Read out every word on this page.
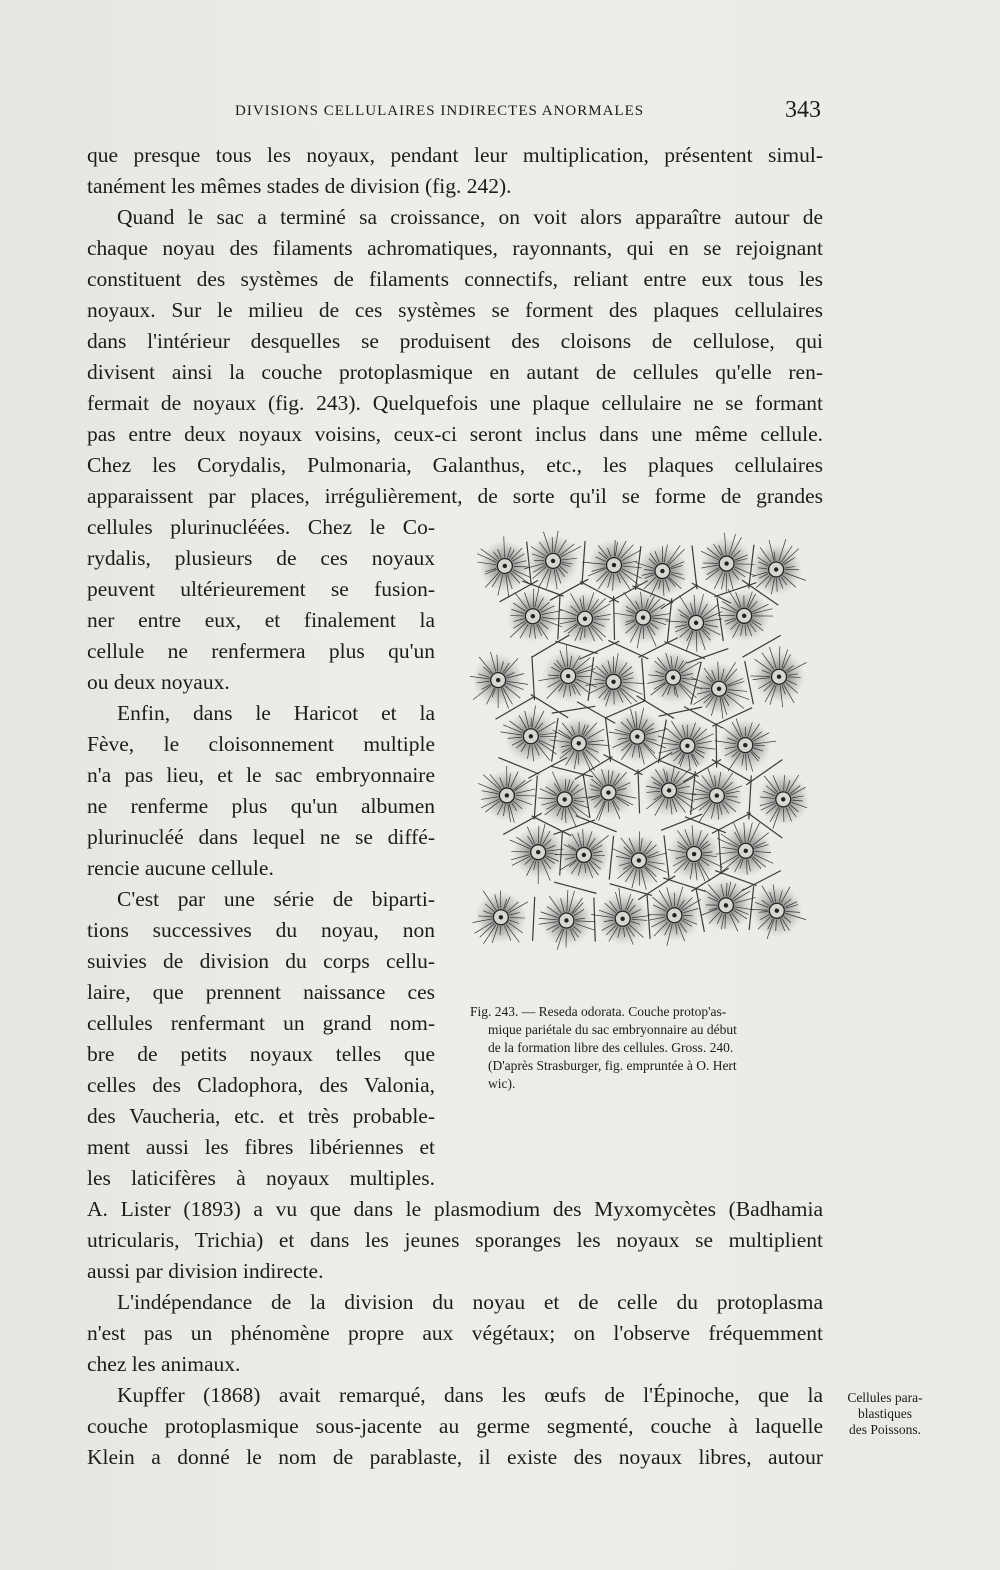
DIVISIONS CELLULAIRES INDIRECTES ANORMALES	343
que presque tous les noyaux, pendant leur multiplication, présentent simul-
tanément les mêmes stades de division (fig. 242).
Quand le sac a terminé sa croissance, on voit alors apparaître autour de
chaque noyau des filaments achromatiques, rayonnants, qui en se rejoignant
constituent des systèmes de filaments connectifs, reliant entre eux tous les
noyaux. Sur le milieu de ces systèmes se forment des plaques cellulaires
dans l'intérieur desquelles se produisent des cloisons de cellulose, qui
divisent ainsi la couche protoplasmique en autant de cellules qu'elle ren-
fermait de noyaux (fig. 243). Quelquefois une plaque cellulaire ne se formant
pas entre deux noyaux voisins, ceux-ci seront inclus dans une même cellule.
Chez les Corydalis, Pulmonaria, Galanthus, etc., les plaques cellulaires
apparaissent par places, irrégulièrement, de sorte qu'il se forme de grandes
cellules plurinucléées. Chez le Co-
rydalis, plusieurs de ces noyaux
peuvent ultérieurement se fusion-
ner entre eux, et finalement la
cellule ne renfermera plus qu'un
ou deux noyaux.
Enfin, dans le Haricot et la
Fève, le cloisonnement multiple
n'a pas lieu, et le sac embryonnaire
ne renferme plus qu'un albumen
plurinucléé dans lequel ne se diffé-
rencie aucune cellule.
C'est par une série de biparti-
tions successives du noyau, non
suivies de division du corps cellu-
laire, que prennent naissance ces
cellules renfermant un grand nom-
bre de petits noyaux telles que
celles des Cladophora, des Valonia,
des Vaucheria, etc. et très probable-
ment aussi les fibres libériennes et
les laticifères à noyaux multiples.
A. Lister (1893) a vu que dans le plasmodium des Myxomycètes (Badhamia
utricularis, Trichia) et dans les jeunes sporanges les noyaux se multiplient
aussi par division indirecte.
L'indépendance de la division du noyau et de celle du protoplasma
n'est pas un phénomène propre aux végétaux; on l'observe fréquemment
chez les animaux.
Kupffer (1868) avait remarqué, dans les œufs de l'Épinoche, que la
couche protoplasmique sous-jacente au germe segmenté, couche à laquelle
Klein a donné le nom de parablaste, il existe des noyaux libres, autour
Cellules para-
blastiques
des Poissons.
Fig. 243. — Reseda odorata. Couche protop'as-
mique pariétale du sac embryonnaire au début
de la formation libre des cellules. Gross. 240.
(D'après Strasburger, fig. empruntée à O. Hert
wic).
